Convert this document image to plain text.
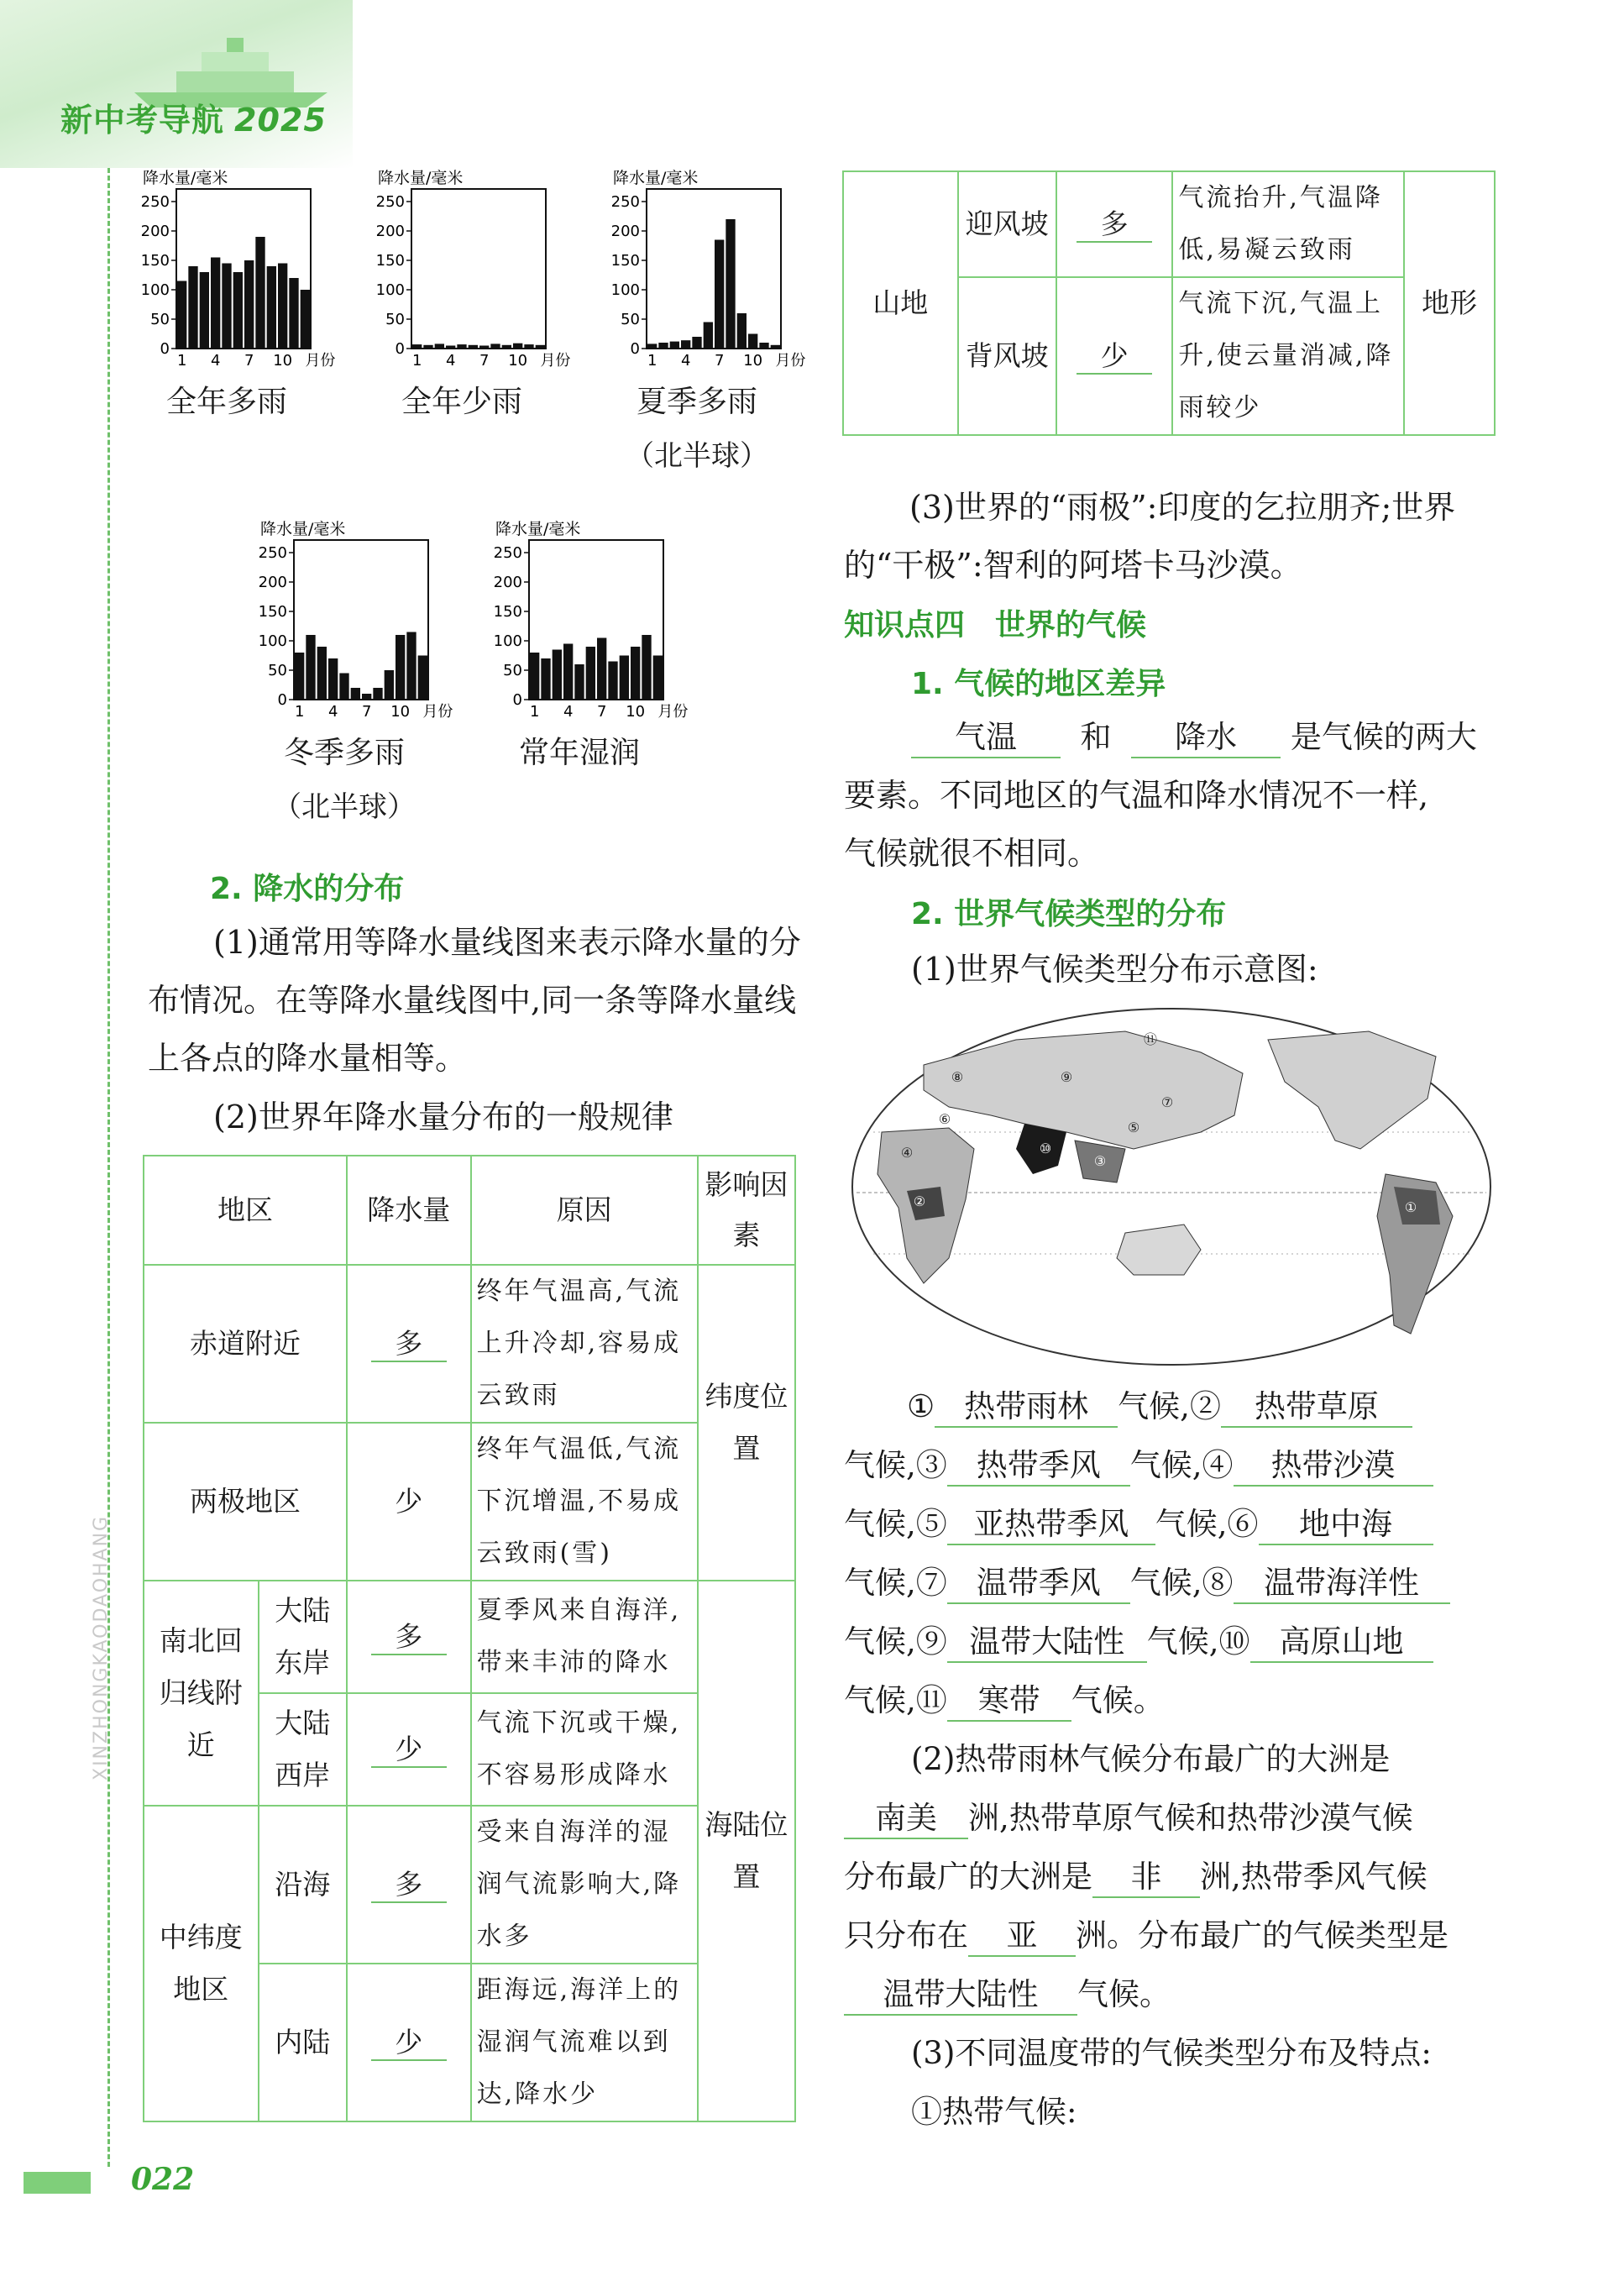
新中考导航 2025
XINZHONGKAODAOHANG
022
降水量/毫米
250
200
150
100
50
0
1 4 7 10 月份
全年多雨
降水量/毫米
250
200
150
100
50
0
1 4 7 10 月份
全年少雨
降水量/毫米
250
200
150
100
50
0
1 4 7 10 月份
夏季多雨
（北半球）
降水量/毫米
250
200
150
100
50
0
1 4 7 10 月份
冬季多雨
（北半球）
降水量/毫米
250
200
150
100
50
0
1 4 7 10 月份
常年湿润
2. 降水的分布
(1)通常用等降水量线图来表示降水量的分布情况。在等降水量线图中,同一条等降水量线上各点的降水量相等。
(2)世界年降水量分布的一般规律
地区		降水量	原因	影响因素
赤道附近		多	终年气温高,气流上升冷却,容易成云致雨	纬度位置
两极地区		少	终年气温低,气流下沉增温,不易成云致雨(雪)	
南北回归线附近	大陆东岸	多	夏季风来自海洋,带来丰沛的降水	海陆位置
	大陆西岸	少	气流下沉或干燥,不容易形成降水	
中纬度地区	沿海	多	受来自海洋的湿润气流影响大,降水多	
	内陆	少	距海远,海洋上的湿润气流难以到达,降水少	
山地	迎风坡	多	气流抬升,气温降低,易凝云致雨	地形
	背风坡	少	气流下沉,气温上升,使云量消减,降雨较少	
(3)世界的“雨极”:印度的乞拉朋齐;世界的“干极”:智利的阿塔卡马沙漠。
知识点四　世界的气候
1. 气候的地区差异
气温 和 降水 是气候的两大
要素。不同地区的气温和降水情况不一样,
气候就很不相同。
2. 世界气候类型的分布
(1)世界气候类型分布示意图:
①
②
③
④
⑤
⑥
⑦
⑧	⑨
⑩
⑪
① 热带雨林 气候,② 热带草原
气候,③ 热带季风 气候,④ 热带沙漠
气候,⑤ 亚热带季风 气候,⑥ 地中海
气候,⑦ 温带季风 气候,⑧ 温带海洋性
气候,⑨ 温带大陆性 气候,⑩ 高原山地
气候,⑪ 寒带 气候。
(2)热带雨林气候分布最广的大洲是
南美 洲,热带草原气候和热带沙漠气候
分布最广的大洲是 非 洲,热带季风气候
只分布在 亚 洲。分布最广的气候类型是
温带大陆性 气候。
(3)不同温度带的气候类型分布及特点:
①热带气候:
